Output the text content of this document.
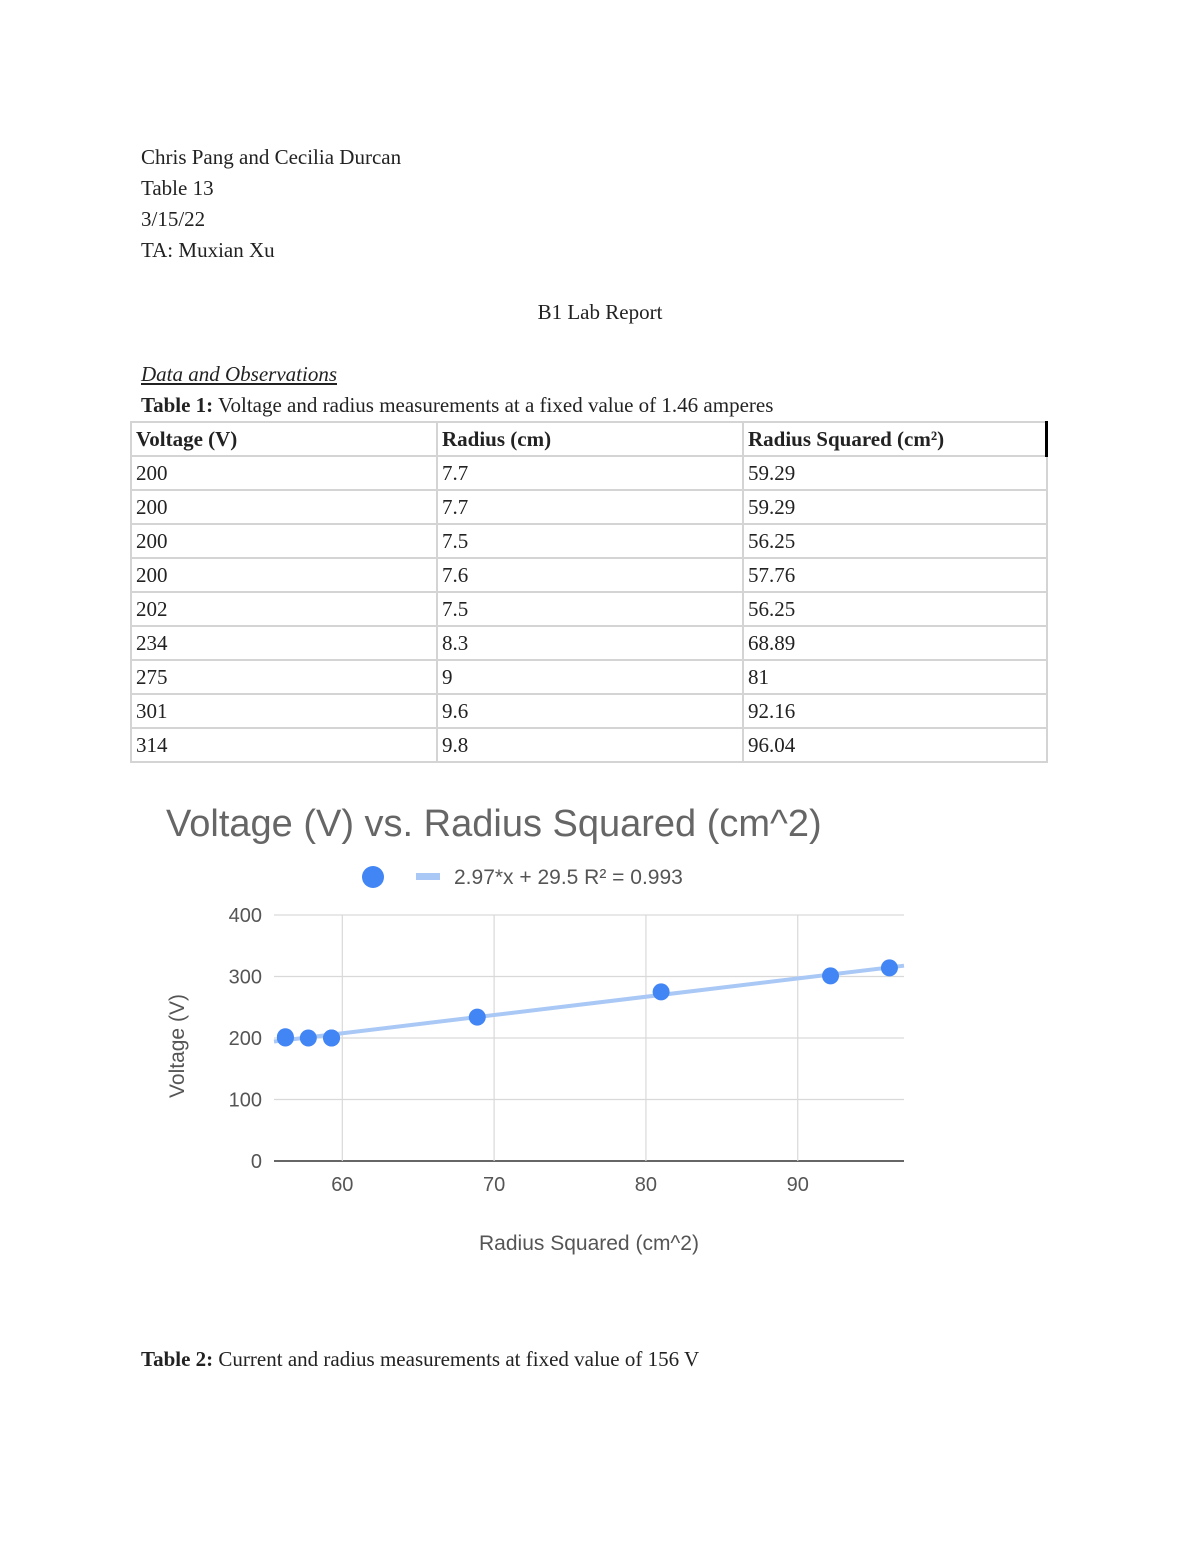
Chris Pang and Cecilia Durcan
Table 13
3/15/22
TA: Muxian Xu
B1 Lab Report
Data and Observations
Table 1: Voltage and radius measurements at a fixed value of 1.46 amperes
Voltage (V)	Radius (cm)	Radius Squared (cm²)
200	7.7	59.29
200	7.7	59.29
200	7.5	56.25
200	7.6	57.76
202	7.5	56.25
234	8.3	68.89
275	9	81
301	9.6	92.16
314	9.8	96.04
Voltage (V) vs. Radius Squared (cm^2)
0
100
200
300
400
60	70	80	90
2.97*x + 29.5 R² = 0.993
Radius Squared (cm^2)
Voltage (V)
Table 2: Current and radius measurements at fixed value of 156 V
